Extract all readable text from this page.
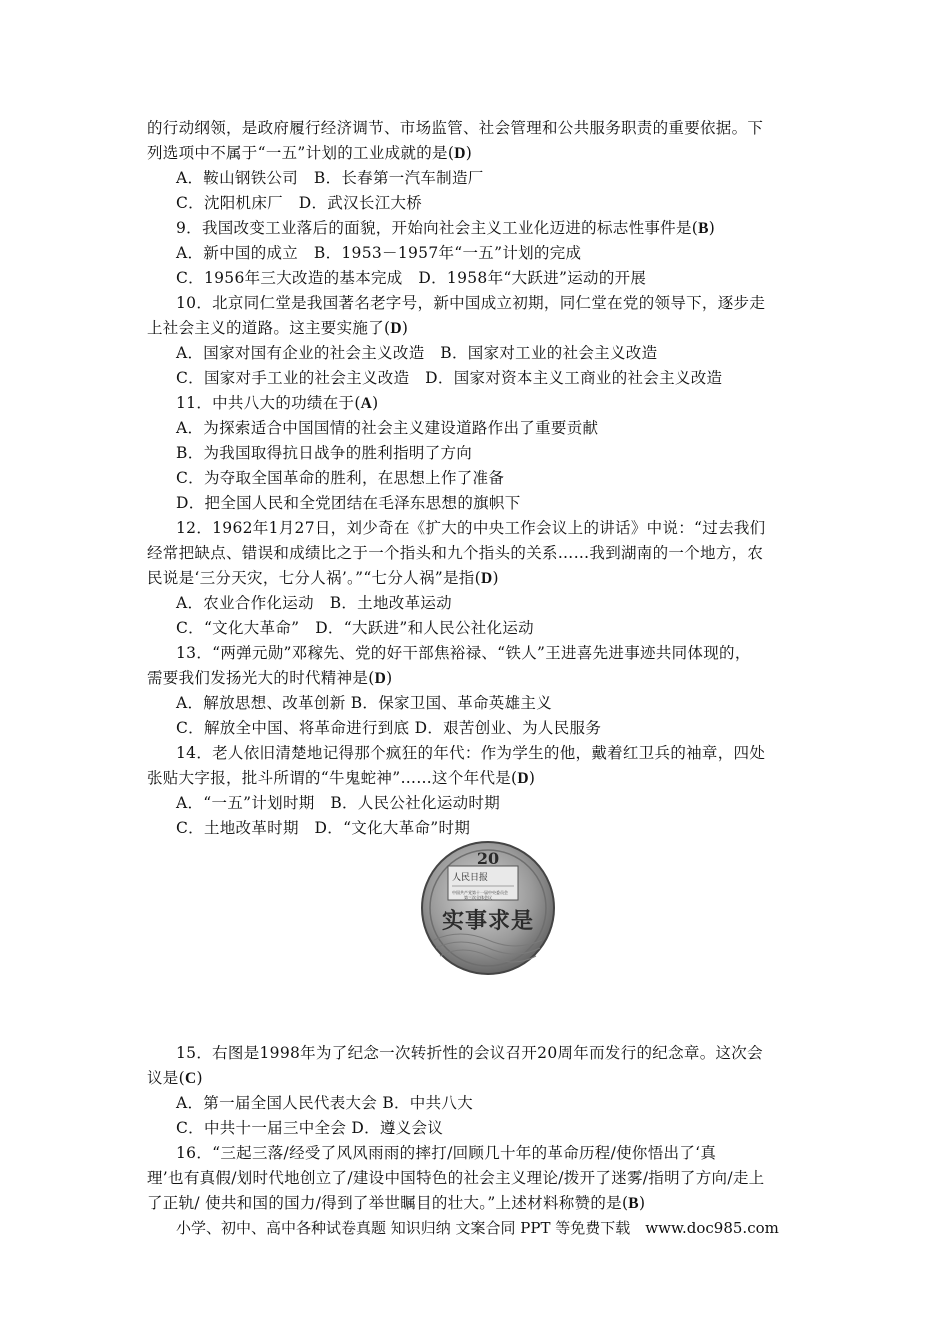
的行动纲领，是政府履行经济调节、市场监管、社会管理和公共服务职责的重要依据。下
列选项中不属于“一五”计划的工业成就的是(D)
A．鞍山钢铁公司　B．长春第一汽车制造厂
C．沈阳机床厂　D．武汉长江大桥
9．我国改变工业落后的面貌，开始向社会主义工业化迈进的标志性事件是(B)
A．新中国的成立　B．1953－1957年“一五”计划的完成
C．1956年三大改造的基本完成　D．1958年“大跃进”运动的开展
10．北京同仁堂是我国著名老字号，新中国成立初期，同仁堂在党的领导下，逐步走
上社会主义的道路。这主要实施了(D)
A．国家对国有企业的社会主义改造　B．国家对工业的社会主义改造
C．国家对手工业的社会主义改造　D．国家对资本主义工商业的社会主义改造
11．中共八大的功绩在于(A)
A．为探索适合中国国情的社会主义建设道路作出了重要贡献
B．为我国取得抗日战争的胜利指明了方向
C．为夺取全国革命的胜利，在思想上作了准备
D．把全国人民和全党团结在毛泽东思想的旗帜下
12．1962年1月27日，刘少奇在《扩大的中央工作会议上的讲话》中说：“过去我们
经常把缺点、错误和成绩比之于一个指头和九个指头的关系……我到湖南的一个地方，农
民说是‘三分天灾，七分人祸’。”“七分人祸”是指(D)
A．农业合作化运动　B．土地改革运动
C．“文化大革命”　D．“大跃进”和人民公社化运动
13．“两弹元勋”邓稼先、党的好干部焦裕禄、“铁人”王进喜先进事迹共同体现的，
需要我们发扬光大的时代精神是(D)
A．解放思想、改革创新 B．保家卫国、革命英雄主义
C．解放全中国、将革命进行到底 D．艰苦创业、为人民服务
14．老人依旧清楚地记得那个疯狂的年代：作为学生的他，戴着红卫兵的袖章，四处
张贴大字报，批斗所谓的“牛鬼蛇神”……这个年代是(D)
A．“一五”计划时期　B．人民公社化运动时期
C．土地改革时期　D．“文化大革命”时期
20
人民日报
中国共产党第十一届中央委员会
第三次全体会议
实事求是
15．右图是1998年为了纪念一次转折性的会议召开20周年而发行的纪念章。这次会
议是(C)
A．第一届全国人民代表大会 B．中共八大
C．中共十一届三中全会 D．遵义会议
16．“三起三落/经受了风风雨雨的摔打/回顾几十年的革命历程/使你悟出了‘真
理’也有真假/划时代地创立了/建设中国特色的社会主义理论/拨开了迷雾/指明了方向/走上
了正轨/ 使共和国的国力/得到了举世瞩目的壮大。”上述材料称赞的是(B)
小学、初中、高中各种试卷真题 知识归纳 文案合同 PPT 等免费下载　www.doc985.com
